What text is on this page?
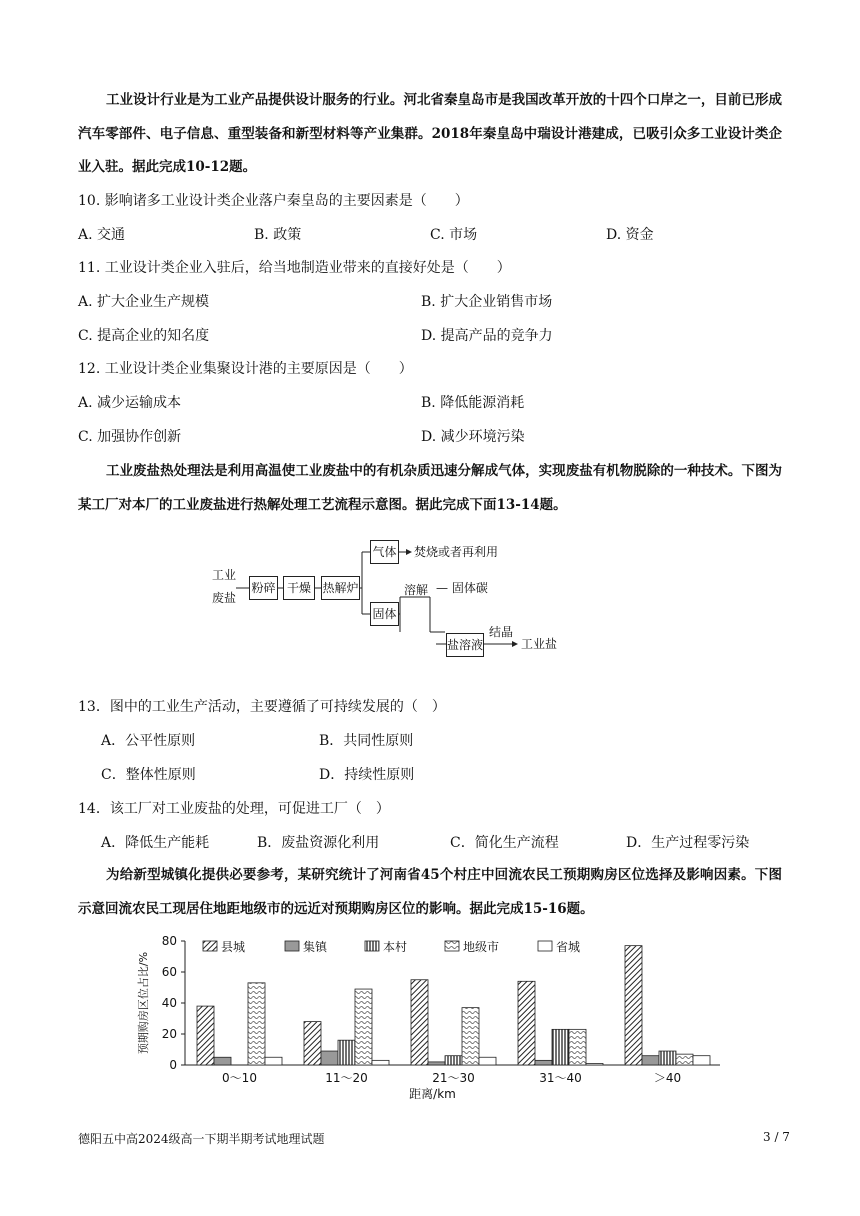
工业设计行业是为工业产品提供设计服务的行业。河北省秦皇岛市是我国改革开放的十四个口岸之一，目前已形成汽车零部件、电子信息、重型装备和新型材料等产业集群。2018年秦皇岛中瑞设计港建成，已吸引众多工业设计类企业入驻。据此完成10-12题。
10. 影响诸多工业设计类企业落户秦皇岛的主要因素是（　　）
A. 交通	B. 政策	C. 市场	D. 资金
11. 工业设计类企业入驻后，给当地制造业带来的直接好处是（　　）
A. 扩大企业生产规模	B. 扩大企业销售市场
C. 提高企业的知名度	D. 提高产品的竞争力
12. 工业设计类企业集聚设计港的主要原因是（　　）
A. 减少运输成本	B. 降低能源消耗
C. 加强协作创新	D. 减少环境污染
工业废盐热处理法是利用高温使工业废盐中的有机杂质迅速分解成气体，实现废盐有机物脱除的一种技术。下图为某工厂对本厂的工业废盐进行热解处理工艺流程示意图。据此完成下面13-14题。
工业
废盐
粉碎 干燥 热解炉
气体 焚烧或者再利用
固体
溶解 — 固体碳
盐溶液
结晶
工业盐
13．图中的工业生产活动，主要遵循了可持续发展的（　）
A．公平性原则	B．共同性原则
C．整体性原则	D．持续性原则
14．该工厂对工业废盐的处理，可促进工厂（　）
A．降低生产能耗	B．废盐资源化利用	C．简化生产流程	D．生产过程零污染
为给新型城镇化提供必要参考，某研究统计了河南省45个村庄中回流农民工预期购房区位选择及影响因素。下图示意回流农民工现居住地距地级市的远近对预期购房区位的影响。据此完成15-16题。
县城	集镇	本村	地级市	省城
0
20
40
60
80
预期购房区位占比/%
0～10	11～20	21～30	31～40	＞40
距离/km
德阳五中高2024级高一下期半期考试地理试题	3 / 7
